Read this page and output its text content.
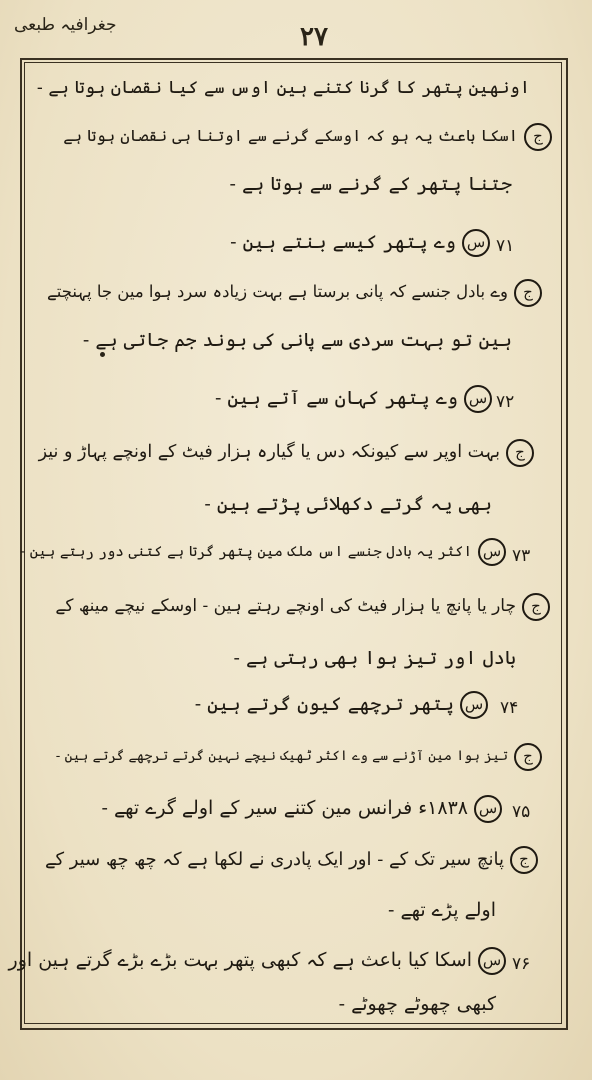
جغرافیہ طبعی	۲۷
اونھین پتھر کا گرنا کتنے ہین اوس سے کیا نقصان ہوتا ہے -
جاسکا باعث یہ ہو کہ اوسکے گرنے سے اوتنا ہی نقصان ہوتا ہے
جتنا پتھر کے گرنے سے ہوتا ہے -
۷۱
سوے پتھر کیسے بنتے ہین -
جوے بادل جنسے کہ پانی برستا ہے بہت زیادہ سرد ہوا مین جا پہنچتے
ہین تو بہت سردی سے پانی کی بوند جم جاتی ہے -
۷۲
سوے پتھر کہان سے آتے ہین -
جبہت اوپر سے کیونکہ دس یا گیارہ ہزار فیٹ کے اونچے پہاڑ و نیز
بھی یہ گرتے دکھلائی پڑتے ہین -
۷۳
ساکثر یہ بادل جنسے اس ملک مین پتھر گرتا ہے کتنی دور رہتے ہین -
جچار یا پانچ یا ہزار فیٹ کی اونچے رہتے ہین - اوسکے نیچے مینھ کے
بادل اور تیز ہوا بھی رہتی ہے -
۷۴
سپتھر ترچھے کیون گرتے ہین -
جتیز ہوا مین آڑنے سے وے اکثر ٹھیک نیچے نہین گرتے ترچھے گرتے ہین -
۷۵
س۱۸۳۸ء فرانس مین کتنے سیر کے اولے گرے تھے -
جپانچ سیر تک کے - اور ایک پادری نے لکھا ہے کہ چھ چھ سیر کے
اولے پڑے تھے -
۷۶
ساسکا کیا باعث ہے کہ کبھی پتھر بہت بڑے بڑے گرتے ہین اور
کبھی چھوٹے چھوٹے -
